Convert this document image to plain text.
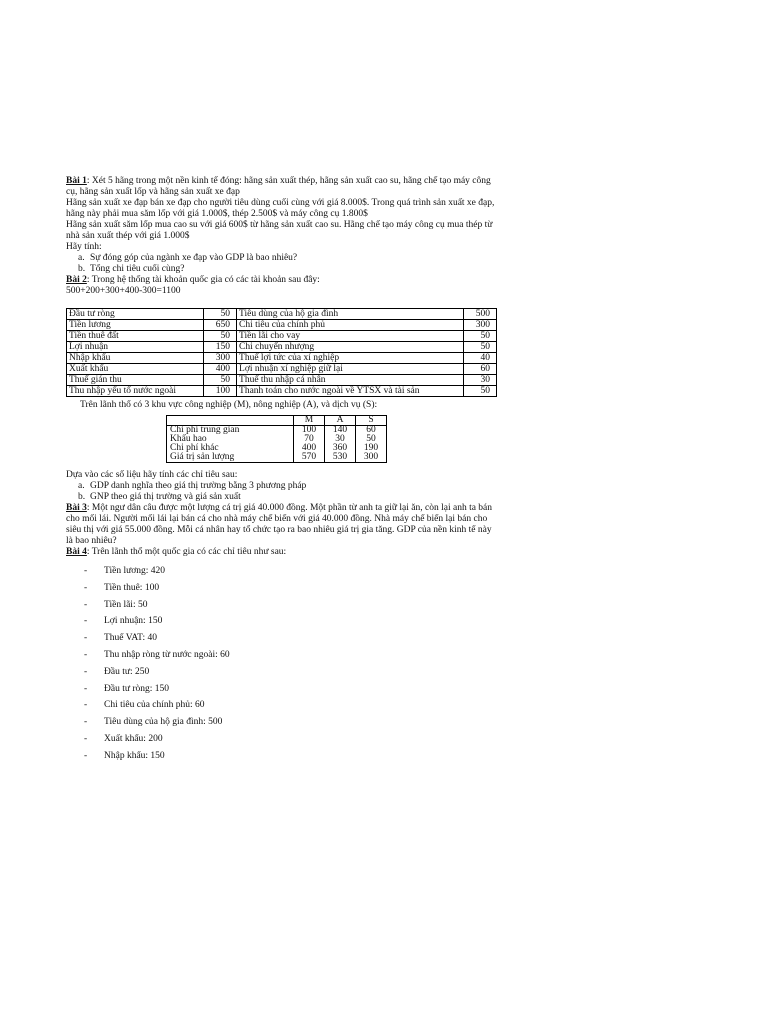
Bài 1: Xét 5 hãng trong một nền kinh tế đóng: hãng sản xuất thép, hãng sản xuất cao su, hãng chế tạo máy công

cụ, hãng sản xuất lốp và hãng sản xuất xe đạp

Hãng sản xuất xe đạp bán xe đạp cho người tiêu dùng cuối cùng với giá 8.000$. Trong quá trình sản xuất xe đạp,

hãng này phải mua săm lốp với giá 1.000$, thép 2.500$ và máy công cụ 1.800$

Hãng sản xuất săm lốp mua cao su với giá 600$ từ hãng sản xuất cao su. Hãng chế tạo máy công cụ mua thép từ

nhà sản xuất thép với giá 1.000$

Hãy tính:

a. Sự đóng góp của ngành xe đạp vào GDP là bao nhiêu?
b. Tổng chi tiêu cuối cùng?

Bài 2: Trong hệ thống tài khoản quốc gia có các tài khoản sau đây:

500+200+300+400-300=1100

Đầu tư ròng	50	Tiêu dùng của hộ gia đình	500
Tiền lương	650	Chi tiêu của chính phủ	300
Tiền thuê đất	50	Tiền lãi cho vay	50
Lợi nhuận	150	Chi chuyển nhượng	50
Nhập khẩu	300	Thuế lợi tức của xí nghiệp	40
Xuất khẩu	400	Lợi nhuận xí nghiệp giữ lại	60
Thuế gián thu	50	Thuế thu nhập cá nhân	30
Thu nhập yếu tố nước ngoài	100	Thanh toán cho nước ngoài về YTSX và tài sản	50

Trên lãnh thổ có 3 khu vực công nghiệp (M), nông nghiệp (A), và dịch vụ (S):

	M	A	S
Chi phí trung gian	100	140	60
Khấu hao	70	30	50
Chi phí khác	400	360	190
Giá trị sản lượng	570	530	300

Dựa vào các số liệu hãy tính các chỉ tiêu sau:

a. GDP danh nghĩa theo giá thị trường bằng 3 phương pháp
b. GNP theo giá thị trường và giá sản xuất

Bài 3: Một ngư dân câu được một lượng cá trị giá 40.000 đồng. Một phần từ anh ta giữ lại ăn, còn lại anh ta bán

cho mối lái. Người mối lái lại bán cá cho nhà máy chế biến với giá 40.000 đồng. Nhà máy chế biến lại bán cho

siêu thị với giá 55.000 đồng. Mỗi cá nhân hay tổ chức tạo ra bao nhiêu giá trị gia tăng. GDP của nền kinh tế này

là bao nhiêu?

Bài 4: Trên lãnh thổ một quốc gia có các chỉ tiêu như sau:

- Tiền lương: 420
- Tiền thuê: 100
- Tiền lãi: 50
- Lợi nhuận: 150
- Thuế VAT: 40
- Thu nhập ròng từ nước ngoài: 60
- Đầu tư: 250
- Đầu tư ròng: 150
- Chi tiêu của chính phủ: 60
- Tiêu dùng của hộ gia đình: 500
- Xuất khẩu: 200
- Nhập khẩu: 150
